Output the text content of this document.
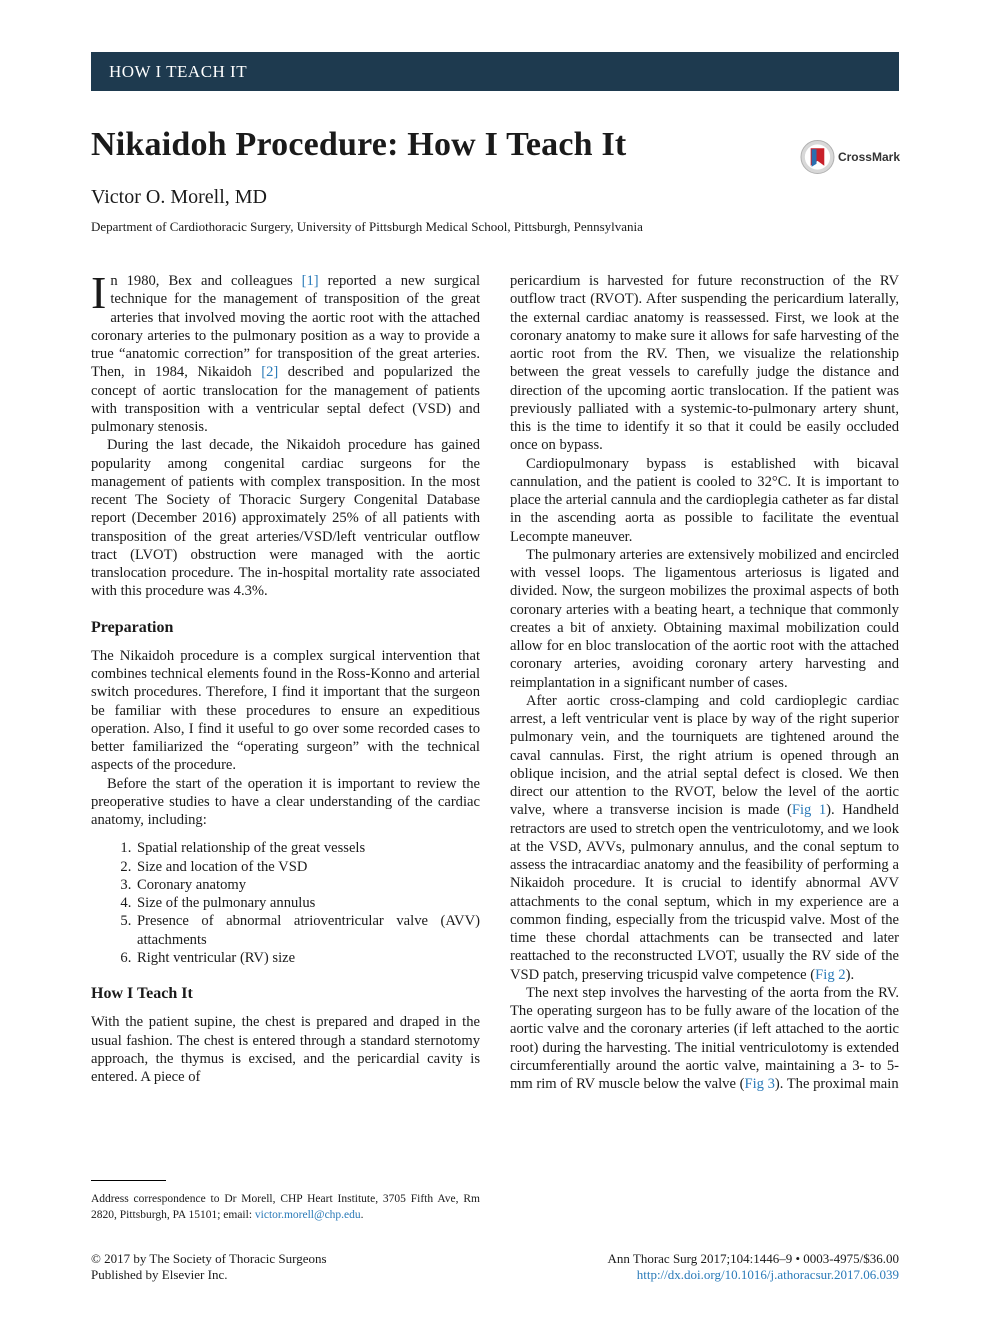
HOW I TEACH IT
Nikaidoh Procedure: How I Teach It	CrossMark

Victor O. Morell, MD

Department of Cardiothoracic Surgery, University of Pittsburgh Medical School, Pittsburgh, Pennsylvania

In 1980, Bex and colleagues [1] reported a new surgical technique for the management of transposition of the great arteries that involved moving the aortic root with the attached coronary arteries to the pulmonary position as a way to provide a true “anatomic correction” for transposition of the great arteries. Then, in 1984, Nikaidoh [2] described and popularized the concept of aortic translocation for the management of patients with transposition with a ventricular septal defect (VSD) and pulmonary stenosis.

During the last decade, the Nikaidoh procedure has gained popularity among congenital cardiac surgeons for the management of patients with complex transposition. In the most recent The Society of Thoracic Surgery Congenital Database report (December 2016) approximately 25% of all patients with transposition of the great arteries/VSD/left ventricular outflow tract (LVOT) obstruction were managed with the aortic translocation procedure. The in-hospital mortality rate associated with this procedure was 4.3%.

Preparation

The Nikaidoh procedure is a complex surgical intervention that combines technical elements found in the Ross-Konno and arterial switch procedures. Therefore, I find it important that the surgeon be familiar with these procedures to ensure an expeditious operation. Also, I find it useful to go over some recorded cases to better familiarized the “operating surgeon” with the technical aspects of the procedure.

Before the start of the operation it is important to review the preoperative studies to have a clear understanding of the cardiac anatomy, including:

1. Spatial relationship of the great vessels
2. Size and location of the VSD
3. Coronary anatomy
4. Size of the pulmonary annulus
5. Presence of abnormal atrioventricular valve (AVV) attachments
6. Right ventricular (RV) size
How I Teach It

With the patient supine, the chest is prepared and draped in the usual fashion. The chest is entered through a standard sternotomy approach, the thymus is excised, and the pericardial cavity is entered. A piece of

pericardium is harvested for future reconstruction of the RV outflow tract (RVOT). After suspending the pericardium laterally, the external cardiac anatomy is reassessed. First, we look at the coronary anatomy to make sure it allows for safe harvesting of the aortic root from the RV. Then, we visualize the relationship between the great vessels to carefully judge the distance and direction of the upcoming aortic translocation. If the patient was previously palliated with a systemic-to-pulmonary artery shunt, this is the time to identify it so that it could be easily occluded once on bypass.

Cardiopulmonary bypass is established with bicaval cannulation, and the patient is cooled to 32°C. It is important to place the arterial cannula and the cardioplegia catheter as far distal in the ascending aorta as possible to facilitate the eventual Lecompte maneuver.

The pulmonary arteries are extensively mobilized and encircled with vessel loops. The ligamentous arteriosus is ligated and divided. Now, the surgeon mobilizes the proximal aspects of both coronary arteries with a beating heart, a technique that commonly creates a bit of anxiety. Obtaining maximal mobilization could allow for en bloc translocation of the aortic root with the attached coronary arteries, avoiding coronary artery harvesting and reimplantation in a significant number of cases.

After aortic cross-clamping and cold cardioplegic cardiac arrest, a left ventricular vent is place by way of the right superior pulmonary vein, and the tourniquets are tightened around the caval cannulas. First, the right atrium is opened through an oblique incision, and the atrial septal defect is closed. We then direct our attention to the RVOT, below the level of the aortic valve, where a transverse incision is made (Fig 1). Handheld retractors are used to stretch open the ventriculotomy, and we look at the VSD, AVVs, pulmonary annulus, and the conal septum to assess the intracardiac anatomy and the feasibility of performing a Nikaidoh procedure. It is crucial to identify abnormal AVV attachments to the conal septum, which in my experience are a common finding, especially from the tricuspid valve. Most of the time these chordal attachments can be transected and later reattached to the reconstructed LVOT, usually the RV side of the VSD patch, preserving tricuspid valve competence (Fig 2).

The next step involves the harvesting of the aorta from the RV. The operating surgeon has to be fully aware of the location of the aortic valve and the coronary arteries (if left attached to the aortic root) during the harvesting. The initial ventriculotomy is extended circumferentially around the aortic valve, maintaining a 3- to 5-mm rim of RV muscle below the valve (Fig 3). The proximal main

Address correspondence to Dr Morell, CHP Heart Institute, 3705 Fifth Ave, Rm 2820, Pittsburgh, PA 15101; email: victor.morell@chp.edu.
© 2017 by The Society of Thoracic Surgeons
Published by Elsevier Inc.
Ann Thorac Surg 2017;104:1446–9 • 0003-4975/$36.00
http://dx.doi.org/10.1016/j.athoracsur.2017.06.039
